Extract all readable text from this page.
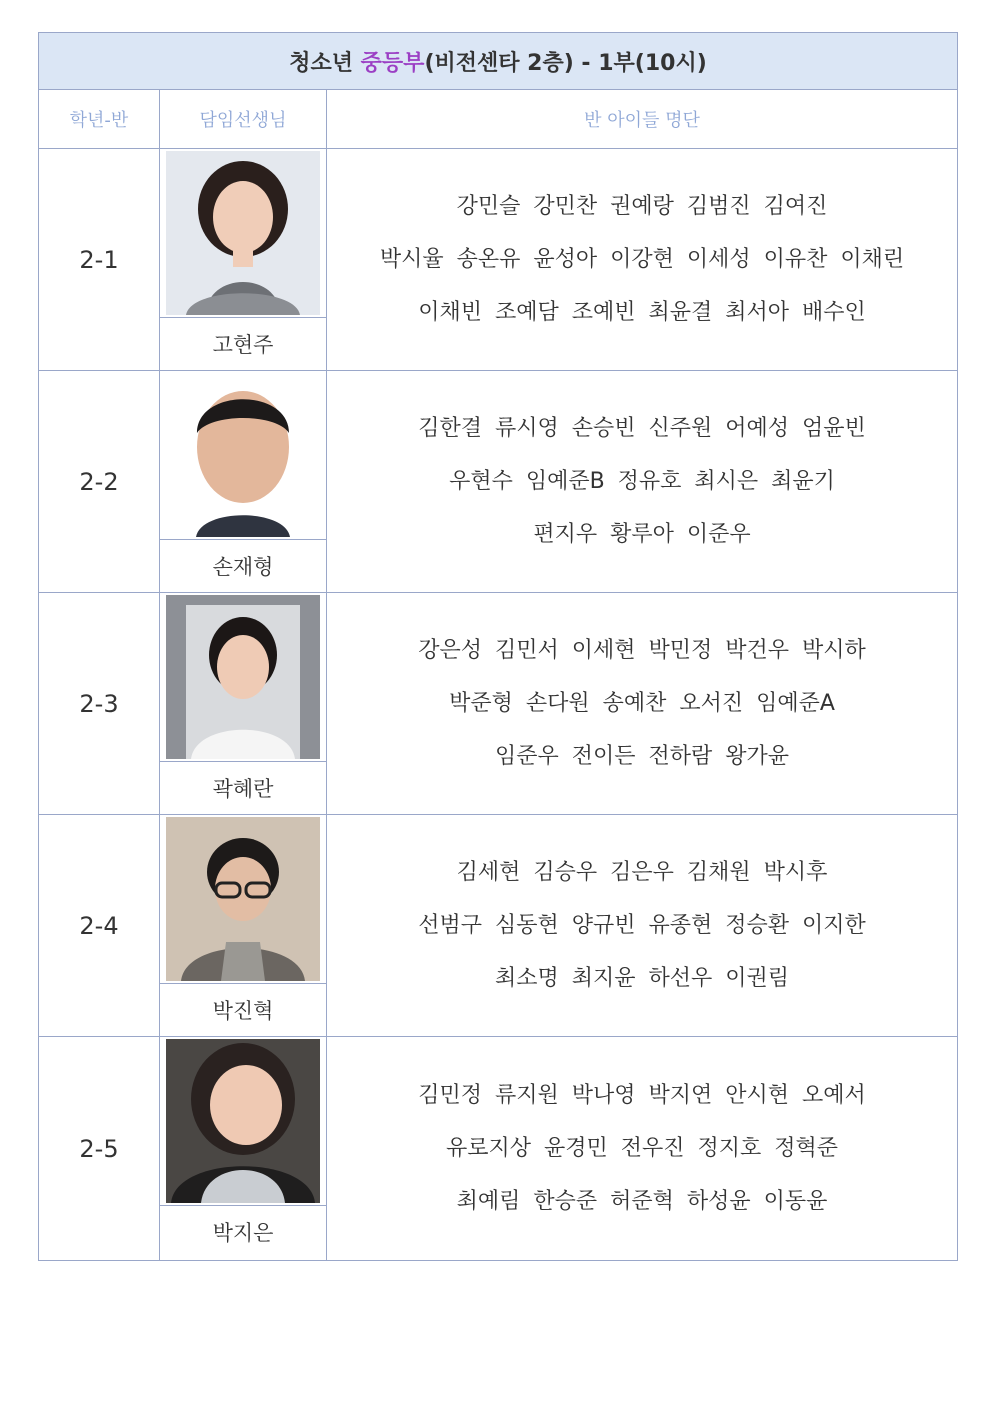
청소년 중등부(비전센타 2층) - 1부(10시)		
학년-반	담임선생님	반 아이들 명단
2-1	고현주	강민슬 강민찬 권예랑 김범진 김여진
박시율 송온유 윤성아 이강현 이세성 이유찬 이채린
이채빈 조예담 조예빈 최윤결 최서아 배수인

2-2	손재형	김한결 류시영 손승빈 신주원 어예성 엄윤빈
우현수 임예준B 정유호 최시은 최윤기
편지우 황루아 이준우

2-3	곽혜란	강은성 김민서 이세현 박민정 박건우 박시하
박준형 손다원 송예찬 오서진 임예준A
임준우 전이든 전하람 왕가윤

2-4	박진혁	김세현 김승우 김은우 김채원 박시후
선범구 심동현 양규빈 유종현 정승환 이지한
최소명 최지윤 하선우 이권림

2-5	박지은	김민정 류지원 박나영 박지연 안시현 오예서
유로지상 윤경민 전우진 정지호 정혁준
최예림 한승준 허준혁 하성윤 이동윤
